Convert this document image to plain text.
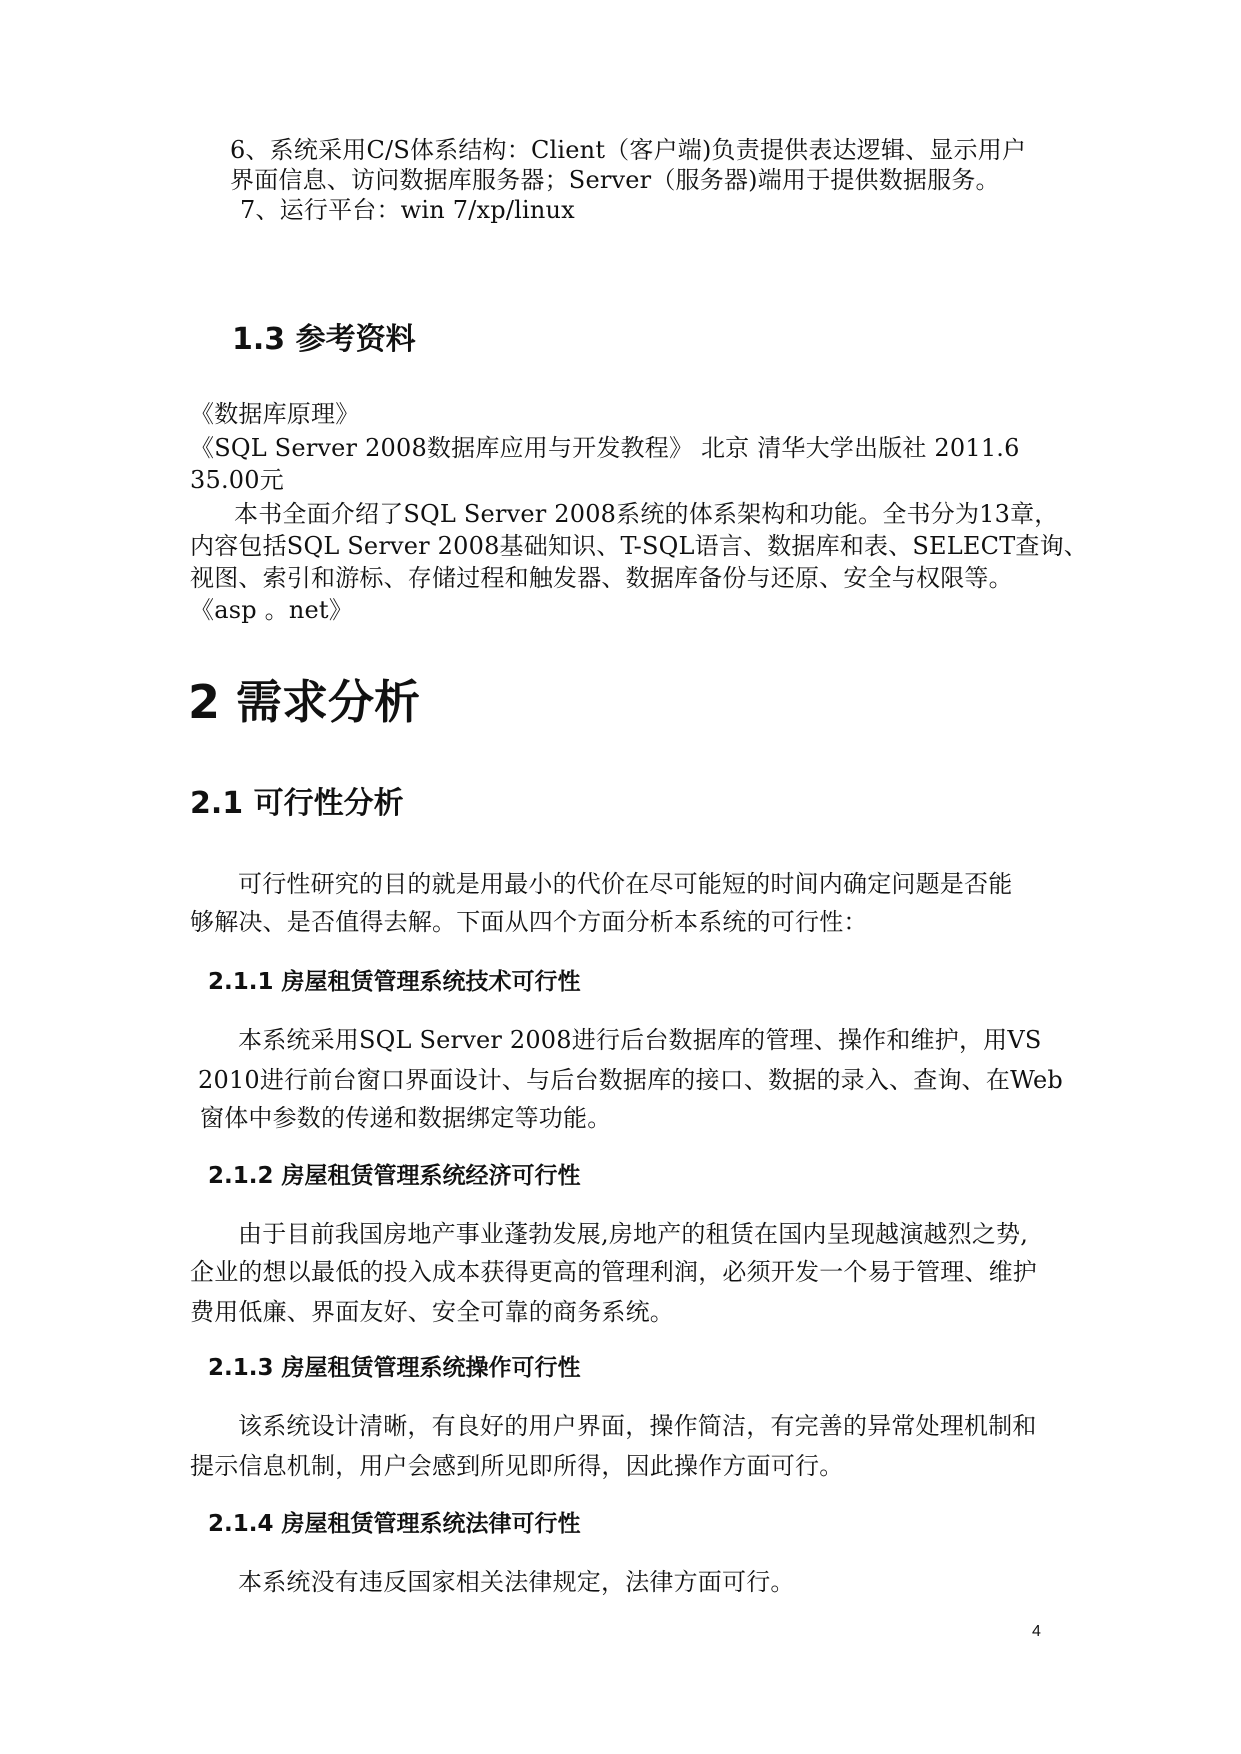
6、系统采用C/S体系结构：Client（客户端)负责提供表达逻辑、显示用户
界面信息、访问数据库服务器；Server（服务器)端用于提供数据服务。
7、运行平台：win 7/xp/linux
1.3 参考资料
《数据库原理》
《SQL Server 2008数据库应用与开发教程》 北京 清华大学出版社 2011.6
35.00元
本书全面介绍了SQL Server 2008系统的体系架构和功能。全书分为13章，
内容包括SQL Server 2008基础知识、T-SQL语言、数据库和表、SELECT查询、
视图、索引和游标、存储过程和触发器、数据库备份与还原、安全与权限等。
《asp 。net》
2 需求分析
2.1 可行性分析
可行性研究的目的就是用最小的代价在尽可能短的时间内确定问题是否能
够解决、是否值得去解。下面从四个方面分析本系统的可行性：
2.1.1 房屋租赁管理系统技术可行性
本系统采用SQL Server 2008进行后台数据库的管理、操作和维护，用VS
2010进行前台窗口界面设计、与后台数据库的接口、数据的录入、查询、在Web
窗体中参数的传递和数据绑定等功能。
2.1.2 房屋租赁管理系统经济可行性
由于目前我国房地产事业蓬勃发展,房地产的租赁在国内呈现越演越烈之势,
企业的想以最低的投入成本获得更高的管理利润，必须开发一个易于管理、维护
费用低廉、界面友好、安全可靠的商务系统。
2.1.3 房屋租赁管理系统操作可行性
该系统设计清晰，有良好的用户界面，操作简洁，有完善的异常处理机制和
提示信息机制，用户会感到所见即所得，因此操作方面可行。
2.1.4 房屋租赁管理系统法律可行性
本系统没有违反国家相关法律规定，法律方面可行。
4
